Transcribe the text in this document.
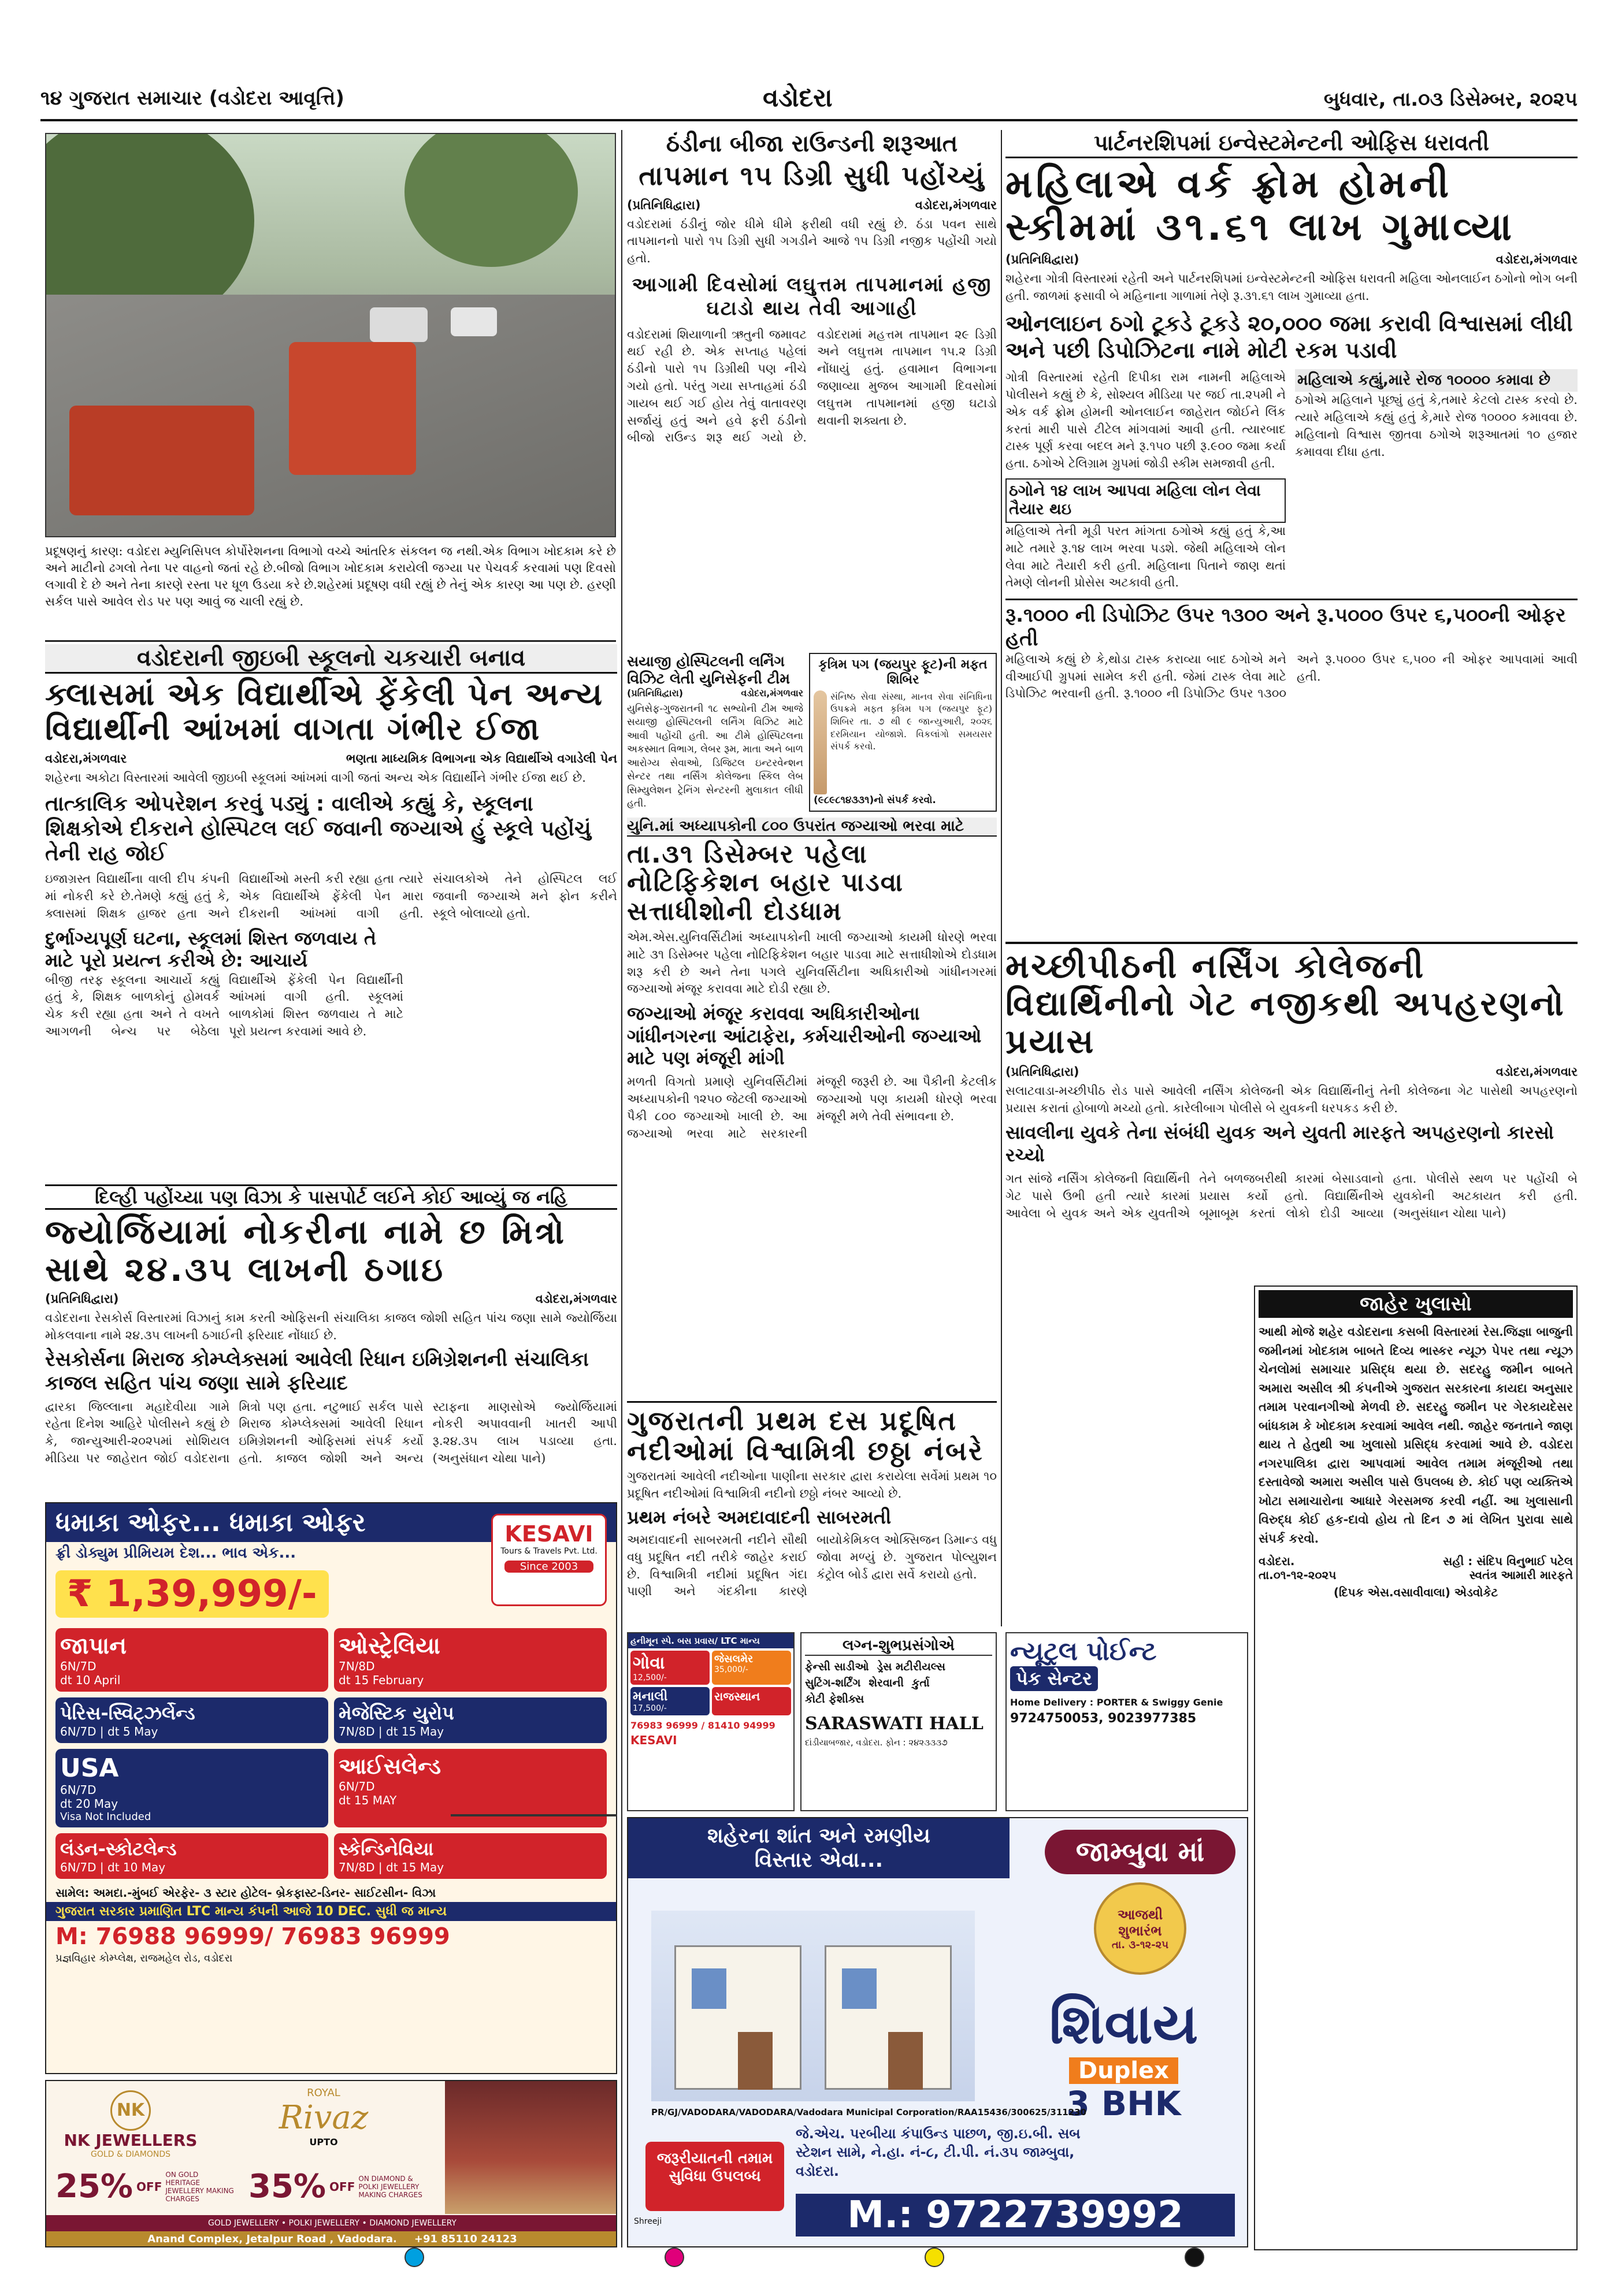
૧૪ ગુજરાત સમાચાર (વડોદરા આવૃત્તિ)	વડોદરા	બુધવાર, તા.૦૩ ડિસેમ્બર, ૨૦૨૫
પ્રદૂષણનું કારણ: વડોદરા મ્યુનિસિપલ કોર્પોરેશનના વિભાગો વચ્ચે આંતરિક સંકલન જ નથી.એક વિભાગ ખોદકામ કરે છે અને માટીનો ઢગલો તેના પર વાહનો જતાં રહે છે.બીજો વિભાગ ખોદકામ કરાયેલી જગ્યા પર પેચવર્ક કરવામાં પણ દિવસો લગાવી દે છે અને તેના કારણે રસ્તા પર ધૂળ ઉડયા કરે છે.શહેરમાં પ્રદૂષણ વધી રહ્યું છે તેનું એક કારણ આ પણ છે. હરણી સર્કલ પાસે આવેલ રોડ પર પણ આવું જ ચાલી રહ્યું છે.
ઠંડીના બીજા રાઉન્ડની શરૂઆત
તાપમાન ૧૫ ડિગ્રી સુધી પહોંચ્યું
(પ્રતિનિધિદ્વારા)	વડોદરા,મંગળવાર
વડોદરામાં ઠંડીનું જોર ધીમે ધીમે ફરીથી વધી રહ્યું છે. ઠંડા પવન સાથે તાપમાનનો પારો ૧૫ ડિગ્રી સુધી ગગડીને આજે ૧૫ ડિગ્રી નજીક પહોંચી ગયો હતો.
આગામી દિવસોમાં લઘુત્તમ તાપમાનમાં હજી ઘટાડો થાય તેવી આગાહી
વડોદરામાં શિયાળાની ઋતુની જમાવટ થઈ રહી છે. એક સપ્તાહ પહેલાં ઠંડીનો પારો ૧૫ ડિગ્રીથી પણ નીચે ગયો હતો. પરંતુ ગયા સપ્તાહમાં ઠંડી ગાયબ થઈ ગઈ હોય તેવું વાતાવરણ સર્જાયું હતું અને હવે ફરી ઠંડીનો બીજો રાઉન્ડ શરૂ થઈ ગયો છે. વડોદરામાં મહત્તમ તાપમાન ૨૯ ડિગ્રી અને લઘુત્તમ તાપમાન ૧૫.૨ ડિગ્રી નોંધાયું હતું. હવામાન વિભાગના જણાવ્યા મુજબ આગામી દિવસોમાં લઘુત્તમ તાપમાનમાં હજી ઘટાડો થવાની શક્યતા છે.
કૃત્રિમ પગ (જયપુર ફૂટ)ની મફત શિબિર
સંનિષ્ઠ સેવા સંસ્થા, માનવ સેવા સંનિધિના ઉપક્રમે મફત કૃત્રિમ પગ (જયપુર ફૂટ) શિબિર તા. ૭ થી ૯ જાન્યુઆરી, ૨૦૨૬ દરમિયાન યોજાશે. વિકલાંગો સમયસર સંપર્ક કરવો.
(૯૮૯૮૧૪૩૩૧)નો સંપર્ક કરવો.
સયાજી હોસ્પિટલની લર્નિંગ વિઝિટ લેતી યુનિસેફની ટીમ
(પ્રતિનિધિદ્વારા)	વડોદરા,મંગળવાર
યુનિસેફ-ગુજરાતની ૧૮ સભ્યોની ટીમ આજે સયાજી હોસ્પિટલની લર્નિંગ વિઝિટ માટે આવી પહોંચી હતી. આ ટીમે હોસ્પિટલના અકસ્માત વિભાગ, લેબર રૂમ, માતા અને બાળ આરોગ્ય સેવાઓ, ડિજિટલ ઇન્ટરવેન્શન સેન્ટર તથા નર્સિંગ કોલેજના સ્કિલ લેબ સિમ્યુલેશન ટ્રેનિંગ સેન્ટરની મુલાકાત લીધી હતી.
પાર્ટનરશિપમાં ઇન્વેસ્ટમેન્ટની ઓફિસ ધરાવતી
મહિલાએ વર્ક ફ્રોમ હોમની સ્કીમમાં ૩૧.૬૧ લાખ ગુમાવ્યા
(પ્રતિનિધિદ્વારા)	વડોદરા,મંગળવાર
શહેરના ગોત્રી વિસ્તારમાં રહેતી અને પાર્ટનરશિપમાં ઇન્વેસ્ટમેન્ટની ઓફિસ ધરાવતી મહિલા ઓનલાઈન ઠગોનો ભોગ બની હતી. જાળમાં ફસાવી બે મહિનાના ગાળામાં તેણે રૂ.૩૧.૬૧ લાખ ગુમાવ્યા હતા.
ઓનલાઇન ઠગો ટૂકડે ટૂકડે ૨૦,૦૦૦ જમા કરાવી વિશ્વાસમાં લીધી અને પછી ડિપોઝિટના નામે મોટી રકમ પડાવી
ગોત્રી વિસ્તારમાં રહેતી દિપીકા રામ નામની મહિલાએ પોલીસને કહ્યું છે કે, સોશ્યલ મીડિયા પર જઈ તા.૨૫મી ને એક વર્ક ફ્રોમ હોમની ઓનલાઈન જાહેરાત જોઈને લિંક કરતાં મારી પાસે ટીટેલ માંગવામાં આવી હતી. ત્યારબાદ ટાસ્ક પૂર્ણ કરવા બદલ મને રૂ.૧૫૦ પછી રૂ.૯૦૦ જમા કર્યા હતા. ઠગોએ ટેલિગ્રામ ગ્રુપમાં જોડી સ્કીમ સમજાવી હતી.
ઠગોને ૧૪ લાખ આપવા મહિલા લોન લેવા તૈયાર થઇ
મહિલાએ તેની મૂડી પરત માંગતા ઠગોએ કહ્યું હતું કે,આ માટે તમારે રૂ.૧૪ લાખ ભરવા પડશે. જેથી મહિલાએ લોન લેવા માટે તૈયારી કરી હતી. મહિલાના પિતાને જાણ થતાં તેમણે લોનની પ્રોસેસ અટકાવી હતી.
મહિલાએ કહ્યું,મારે રોજ ૧૦૦૦૦ કમાવા છે
ઠગોએ મહિલાને પૂછ્યું હતું કે,તમારે કેટલો ટાસ્ક કરવો છે. ત્યારે મહિલાએ કહ્યું હતું કે,મારે રોજ ૧૦૦૦૦ કમાવવા છે. મહિલાનો વિશ્વાસ જીતવા ઠગોએ શરૂઆતમાં ૧૦ હજાર કમાવવા દીધા હતા.
રૂ.૧૦૦૦ ની ડિપોઝિટ ઉપર ૧૩૦૦ અને રૂ.૫૦૦૦ ઉપર ૬,૫૦૦ની ઓફર હતી
મહિલાએ કહ્યું છે કે,થોડા ટાસ્ક કરાવ્યા બાદ ઠગોએ મને વીઆઈપી ગ્રુપમાં સામેલ કરી હતી. જેમાં ટાસ્ક લેવા માટે ડિપોઝિટ ભરવાની હતી. રૂ.૧૦૦૦ ની ડિપોઝિટ ઉપર ૧૩૦૦ અને રૂ.૫૦૦૦ ઉપર ૬,૫૦૦ ની ઓફર આપવામાં આવી હતી.
વડોદરાની જીઇબી સ્કૂલનો ચકચારી બનાવ
ક્લાસમાં એક વિદ્યાર્થીએ ફેંકેલી પેન અન્ય વિદ્યાર્થીની આંખમાં વાગતા ગંભીર ઈજા
વડોદરા,મંગળવાર	ભણતા માધ્યમિક વિભાગના એક વિદ્યાર્થીએ વગાડેલી પેન
શહેરના અકોટા વિસ્તારમાં આવેલી જીઇબી સ્કૂલમાં આંખમાં વાગી જતાં અન્ય એક વિદ્યાર્થીને ગંભીર ઈજા થઈ છે.
તાત્કાલિક ઓપરેશન કરવું પડ્યું : વાલીએ કહ્યું કે, સ્કૂલના શિક્ષકોએ દીકરાને હોસ્પિટલ લઈ જવાની જગ્યાએ હું સ્કૂલે પહોંચું તેની રાહ જોઈ
ઇજાગ્રસ્ત વિદ્યાર્થીના વાલી દીપ કંપની માં નોકરી કરે છે.તેમણે કહ્યું હતું કે, ક્લાસમાં શિક્ષક હાજર હતા અને વિદ્યાર્થીઓ મસ્તી કરી રહ્યા હતા ત્યારે એક વિદ્યાર્થીએ ફેંકેલી પેન મારા દીકરાની આંખમાં વાગી હતી. સંચાલકોએ તેને હોસ્પિટલ લઈ જવાની જગ્યાએ મને ફોન કરીને સ્કૂલે બોલાવ્યો હતો.
દુર્ભાગ્યપૂર્ણ ઘટના, સ્કૂલમાં શિસ્ત જળવાય તે માટે પૂરો પ્રયત્ન કરીએ છે: આચાર્ય
બીજી તરફ સ્કૂલના આચાર્યે કહ્યું હતું કે, શિક્ષક બાળકોનું હોમવર્ક ચેક કરી રહ્યા હતા અને તે વખતે આગળની બેન્ચ પર બેઠેલા વિદ્યાર્થીએ ફેંકેલી પેન વિદ્યાર્થીની આંખમાં વાગી હતી. સ્કૂલમાં બાળકોમાં શિસ્ત જળવાય તે માટે પૂરો પ્રયત્ન કરવામાં આવે છે.
દિલ્હી પહોંચ્યા પણ વિઝા કે પાસપોર્ટ લઈને કોઈ આવ્યું જ નહિ
જ્યોર્જિયામાં નોકરીના નામે છ મિત્રો સાથે ૨૪.૩૫ લાખની ઠગાઇ
(પ્રતિનિધિદ્વારા)	વડોદરા,મંગળવાર
વડોદરાના રેસકોર્સ વિસ્તારમાં વિઝાનું કામ કરતી ઓફિસની સંચાલિકા કાજલ જોશી સહિત પાંચ જણા સામે જ્યોર્જિયા મોકલવાના નામે ૨૪.૩૫ લાખની ઠગાઈની ફરિયાદ નોંધાઈ છે.
રેસકોર્સના મિરાજ કોમ્પ્લેક્સમાં આવેલી રિધાન ઇમિગ્રેશનની સંચાલિકા કાજલ સહિત પાંચ જણા સામે ફરિયાદ
દ્વારકા જિલ્લાના મહાદેવીયા ગામે રહેતા દિનેશ આહિરે પોલીસને કહ્યું છે કે, જાન્યુઆરી-૨૦૨૫માં સોશિયલ મીડિયા પર જાહેરાત જોઈ વડોદરાના મિત્રો પણ હતા. નટુભાઈ સર્કલ પાસે મિરાજ કોમ્પ્લેક્સમાં આવેલી રિધાન ઇમિગ્રેશનની ઓફિસમાં સંપર્ક કર્યો હતો. કાજલ જોશી અને અન્ય સ્ટાફના માણસોએ જ્યોર્જિયામાં નોકરી અપાવવાની ખાતરી આપી રૂ.૨૪.૩૫ લાખ પડાવ્યા હતા. (અનુસંધાન ચોથા પાને)
યુનિ.માં અધ્યાપકોની ૮૦૦ ઉપરાંત જગ્યાઓ ભરવા માટે
તા.૩૧ ડિસેમ્બર પહેલા નોટિફિકેશન બહાર પાડવા સત્તાધીશોની દોડધામ
એમ.એસ.યુનિવર્સિટીમાં અધ્યાપકોની ખાલી જગ્યાઓ કાયમી ધોરણે ભરવા માટે ૩૧ ડિસેમ્બર પહેલા નોટિફિકેશન બહાર પાડવા માટે સત્તાધીશોએ દોડધામ શરૂ કરી છે અને તેના પગલે યુનિવર્સિટીના અધિકારીઓ ગાંધીનગરમાં જગ્યાઓ મંજૂર કરાવવા માટે દોડી રહ્યા છે.
જગ્યાઓ મંજૂર કરાવવા અધિકારીઓના ગાંધીનગરના આંટાફેરા, કર્મચારીઓની જગ્યાઓ માટે પણ મંજૂરી માંગી
મળતી વિગતો પ્રમાણે યુનિવર્સિટીમાં અધ્યાપકોની ૧૨૫૦ જેટલી જગ્યાઓ પૈકી ૮૦૦ જગ્યાઓ ખાલી છે. આ જગ્યાઓ ભરવા માટે સરકારની મંજૂરી જરૂરી છે. આ પૈકીની કેટલીક જગ્યાઓ પણ કાયમી ધોરણે ભરવા મંજૂરી મળે તેવી સંભાવના છે.
ગુજરાતની પ્રથમ દસ પ્રદૂષિત નદીઓમાં વિશ્વામિત્રી છઠ્ઠા નંબરે
ગુજરાતમાં આવેલી નદીઓના પાણીના સરકાર દ્વારા કરાયેલા સર્વેમાં પ્રથમ ૧૦ પ્રદૂષિત નદીઓમાં વિશ્વામિત્રી નદીનો છઠ્ઠો નંબર આવ્યો છે.
પ્રથમ નંબરે અમદાવાદની સાબરમતી
અમદાવાદની સાબરમતી નદીને સૌથી વધુ પ્રદૂષિત નદી તરીકે જાહેર કરાઈ છે. વિશ્વામિત્રી નદીમાં પ્રદૂષિત ગંદા પાણી અને ગંદકીના કારણે બાયોકેમિકલ ઓક્સિજન ડિમાન્ડ વધુ જોવા મળ્યું છે. ગુજરાત પોલ્યુશન કંટ્રોલ બોર્ડ દ્વારા સર્વે કરાયો હતો.
મચ્છીપીઠની નર્સિંગ કોલેજની વિદ્યાર્થિનીનો ગેટ નજીકથી અપહરણનો પ્રયાસ
(પ્રતિનિધિદ્વારા)	વડોદરા,મંગળવાર
સલાટવાડા-મચ્છીપીઠ રોડ પાસે આવેલી નર્સિંગ કોલેજની એક વિદ્યાર્થિનીનું તેની કોલેજના ગેટ પાસેથી અપહરણનો પ્રયાસ કરાતાં હોબાળો મચ્યો હતો. કારેલીબાગ પોલીસે બે યુવકની ધરપકડ કરી છે.
સાવલીના યુવકે તેના સંબંધી યુવક અને યુવતી મારફતે અપહરણનો કારસો રચ્યો
ગત સાંજે નર્સિંગ કોલેજની વિદ્યાર્થિની ગેટ પાસે ઉભી હતી ત્યારે કારમાં આવેલા બે યુવક અને એક યુવતીએ તેને બળજબરીથી કારમાં બેસાડવાનો પ્રયાસ કર્યો હતો. વિદ્યાર્થિનીએ બૂમાબૂમ કરતાં લોકો દોડી આવ્યા હતા. પોલીસે સ્થળ પર પહોંચી બે યુવકોની અટકાયત કરી હતી. (અનુસંધાન ચોથા પાને)
જાહેર ખુલાસો
આથી મોજે શહેર વડોદરાના કસબી વિસ્તારમાં રેસ.જિજ્ઞા બાજુની જમીનમાં ખોદકામ બાબતે દિવ્ય ભાસ્કર ન્યૂઝ પેપર તથા ન્યૂઝ ચેનલોમાં સમાચાર પ્રસિદ્ધ થયા છે. સદરહુ જમીન બાબતે અમારા અસીલ શ્રી કંપનીએ ગુજરાત સરકારના કાયદા અનુસાર તમામ પરવાનગીઓ મેળવી છે. સદરહુ જમીન પર ગેરકાયદેસર બાંધકામ કે ખોદકામ કરવામાં આવેલ નથી. જાહેર જનતાને જાણ થાય તે હેતુથી આ ખુલાસો પ્રસિદ્ધ કરવામાં આવે છે. વડોદરા નગરપાલિકા દ્વારા આપવામાં આવેલ તમામ મંજૂરીઓ તથા દસ્તાવેજો અમારા અસીલ પાસે ઉપલબ્ધ છે. કોઈ પણ વ્યક્તિએ ખોટા સમાચારોના આધારે ગેરસમજ કરવી નહીં. આ ખુલાસાની વિરુદ્ધ કોઈ હક-દાવો હોય તો દિન ૭ માં લેખિત પુરાવા સાથે સંપર્ક કરવો.
વડોદરા.
તા.૦૧-૧૨-૨૦૨૫
સહી : સંદિપ વિનુભાઈ પટેલ
સ્વતંત્ર આમારી મારફતે
(દિપક એસ.વસાવીવાલા) એડવોકેટ
ધમાકા ઓફર... ધમાકા ઓફર
ફ્રી ડોક્યુમ પ્રીમિયમ દેશ... ભાવ એક...
KESAVI
Tours & Travels Pvt. Ltd.
Since 2003
₹ 1,39,999/-
જાપાન
6N/7D
dt 10 April
ઓસ્ટ્રેલિયા
7N/8D
dt 15 February
પેરિસ-સ્વિટ્ઝર્લેન્ડ
6N/7D | dt 5 May
મેજેસ્ટિક યુરોપ
7N/8D | dt 15 May
USA
6N/7D
dt 20 May
Visa Not Included
આઈસલેન્ડ
6N/7D
dt 15 MAY
લંડન-સ્કોટલેન્ડ
6N/7D | dt 10 May
સ્કેન્ડિનેવિયા
7N/8D | dt 15 May
સામેલ: અમદા.-મુંબઈ એરફેર- ૩ સ્ટાર હોટેલ- બ્રેકફાસ્ટ-ડિનર- સાઈટસીન- વિઝા
ગુજરાત સરકાર પ્રમાણિત LTC માન્ય કંપની આજે 10 DEC. સુધી જ માન્ય
M: 76988 96999/ 76983 96999
પ્રજ્ઞવિહાર કોમ્પ્લેક્ષ, રાજમહેલ રોડ, વડોદરા
NK
NK JEWELLERS
GOLD & DIAMONDS
ROYAL
Rivaz
UPTO
25% OFF
ON GOLD HERITAGE JEWELLERY MAKING CHARGES	35% OFF
ON DIAMOND & POLKI JEWELLERY MAKING CHARGES
GOLD JEWELLERY • POLKI JEWELLERY • DIAMOND JEWELLERY
Anand Complex, Jetalpur Road , Vadodara. +91 85110 24123
હનીમૂન સ્પે. બસ પ્રવાસ/ LTC માન્ય
ગોવા
12,500/-
જેસલમેર
35,000/-
મનાલી
17,500/-
રાજસ્થાન
76983 96999 / 81410 94999
KESAVI
લગ્ન-શુભપ્રસંગોએ
ફેન્સી સાડીઓ ડ્રેસ મટીરીયલ્સ
સુટિંગ-શર્ટિંગ શેરવાની કુર્તા
કોટી ફેશીક્સ
SARASWATI HALL
દાંડીયાબજાર, વડોદરા. ફોન : ૨૪૨૩૩૩૭
ન્યૂટ્રલ પોઈન્ટ
પેક સેન્ટર
Home Delivery : PORTER & Swiggy Genie
9724750053, 9023977385
શહેરના શાંત અને રમણીય
વિસ્તાર એવા...	જામ્બુવા માં
આજથી શુભારંભ
તા. ૩-૧૨-૨૫
શિવાય
Duplex
3 BHK
PR/GJ/VADODARA/VADODARA/Vadodara Municipal Corporation/RAA15436/300625/311230
જે.એચ. પરબીયા કંપાઉન્ડ પાછળ, જી.ઇ.બી. સબ સ્ટેશન સામે, ને.હા. નં-૮, ટી.પી. નં.૩૫ જામ્બુવા, વડોદરા.
જરૂરીયાતની તમામ સુવિધા ઉપલબ્ધ
M.: 9722739992
Shreeji
